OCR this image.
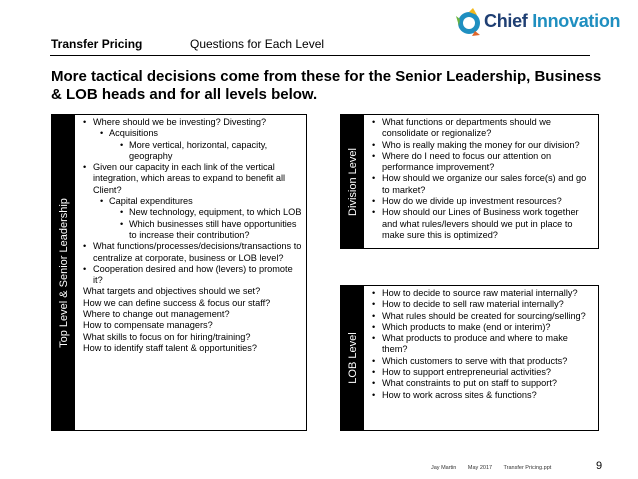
Transfer Pricing	Questions for Each Level
Chief Innovation
More tactical decisions come from these for the Senior Leadership, Business & LOB heads and for all levels below.
Top Level & Senior Leadership
• Where should we be investing? Divesting?
• Acquisitions
• More vertical, horizontal, capacity, geography
• Given our capacity in each link of the vertical integration, which areas to expand to benefit all Client?
• Capital expenditures
• New technology, equipment, to which LOB
• Which businesses still have opportunities to increase their contribution?
• What functions/processes/decisions/transactions to centralize at corporate, business or LOB level?
• Cooperation desired and how (levers) to promote it?
What targets and objectives should we set?
How we can define success & focus our staff?
Where to change out management?
How to compensate managers?
What skills to focus on for hiring/training?
How to identify staff talent & opportunities?
Division Level
• What functions or departments should we consolidate or regionalize?
• Who is really making the money for our division?
• Where do I need to focus our attention on performance improvement?
• How should we organize our sales force(s) and go to market?
• How do we divide up investment resources?
• How should our Lines of Business work together and what rules/levers should we put in place to make sure this is optimized?
LOB Level
• How to decide to source raw material internally?
• How to decide to sell raw material internally?
• What rules should be created for sourcing/selling?
• Which products to make (end or interim)?
• What products to produce and where to make them?
• Which customers to serve with that products?
• How to support entrepreneurial activities?
• What constraints to put on staff to support?
• How to work across sites & functions?
Jay Martin May 2017 Transfer Pricing.ppt	9
